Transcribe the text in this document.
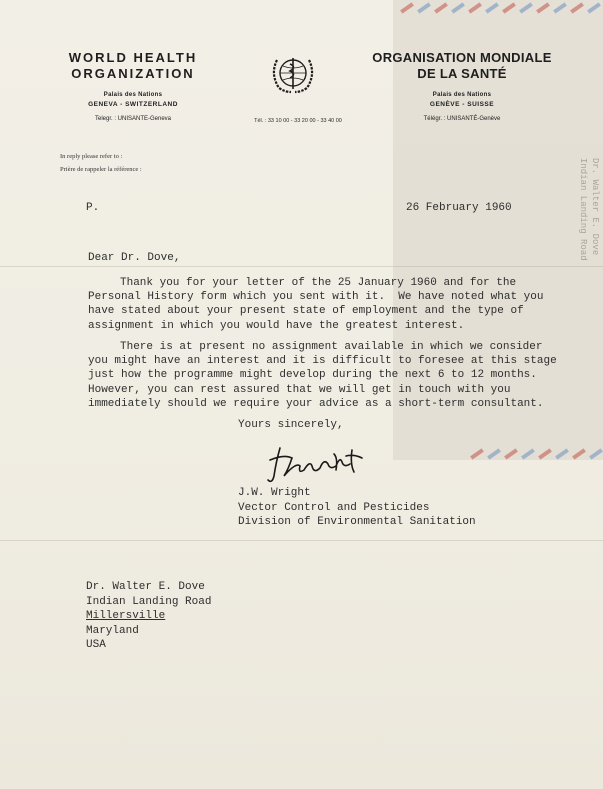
Dr. Walter E. Dove
Indian Landing Road
WORLD HEALTH
ORGANIZATION
Palais des Nations
GENEVA - SWITZERLAND
Telegr. : UNISANTE-Geneva	Tél. : 33 10 00 - 33 20 00 - 33 40 00
ORGANISATION MONDIALE
DE LA SANTÉ
Palais des Nations
GENÈVE - SUISSE
Télégr. : UNISANTÉ-Genève
In reply please refer to :
Prière de rappeler la référence :
P.	26 February 1960
Dear Dr. Dove,
Thank you for your letter of the 25 January 1960 and for the
Personal History form which you sent with it.  We have noted what you
have stated about your present state of employment and the type of
assignment in which you would have the greatest interest.
There is at present no assignment available in which we consider
you might have an interest and it is difficult to foresee at this stage
just how the programme might develop during the next 6 to 12 months.
However, you can rest assured that we will get in touch with you
immediately should we require your advice as a short-term consultant.
Yours sincerely,
J.W. Wright
Vector Control and Pesticides
Division of Environmental Sanitation
Dr. Walter E. Dove
Indian Landing Road
Millersville
Maryland
USA
